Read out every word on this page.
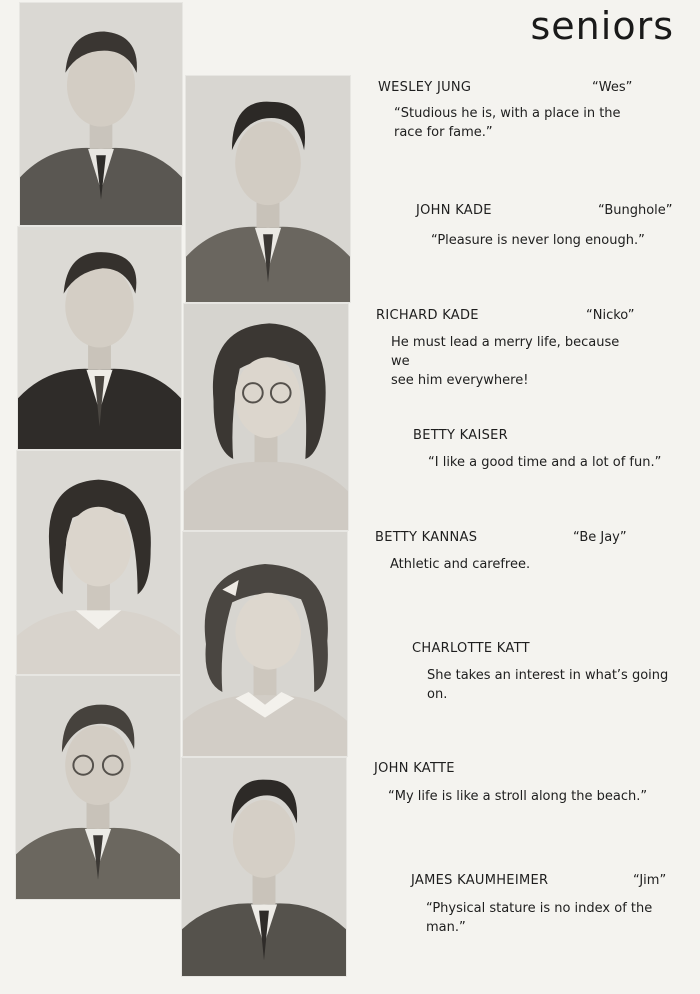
seniors
WESLEY JUNG	“Wes”
“Studious he is, with a place in the
race for fame.”
JOHN KADE	“Bunghole”
“Pleasure is never long enough.”
RICHARD KADE	“Nicko”
He must lead a merry life, because we
see him everywhere!
BETTY KAISER
“I like a good time and a lot of fun.”
BETTY KANNAS	“Be Jay”
Athletic and carefree.
CHARLOTTE KATT
She takes an interest in what’s going
on.
JOHN KATTE
“My life is like a stroll along the beach.”
JAMES KAUMHEIMER	“Jim”
“Physical stature is no index of the
man.”
